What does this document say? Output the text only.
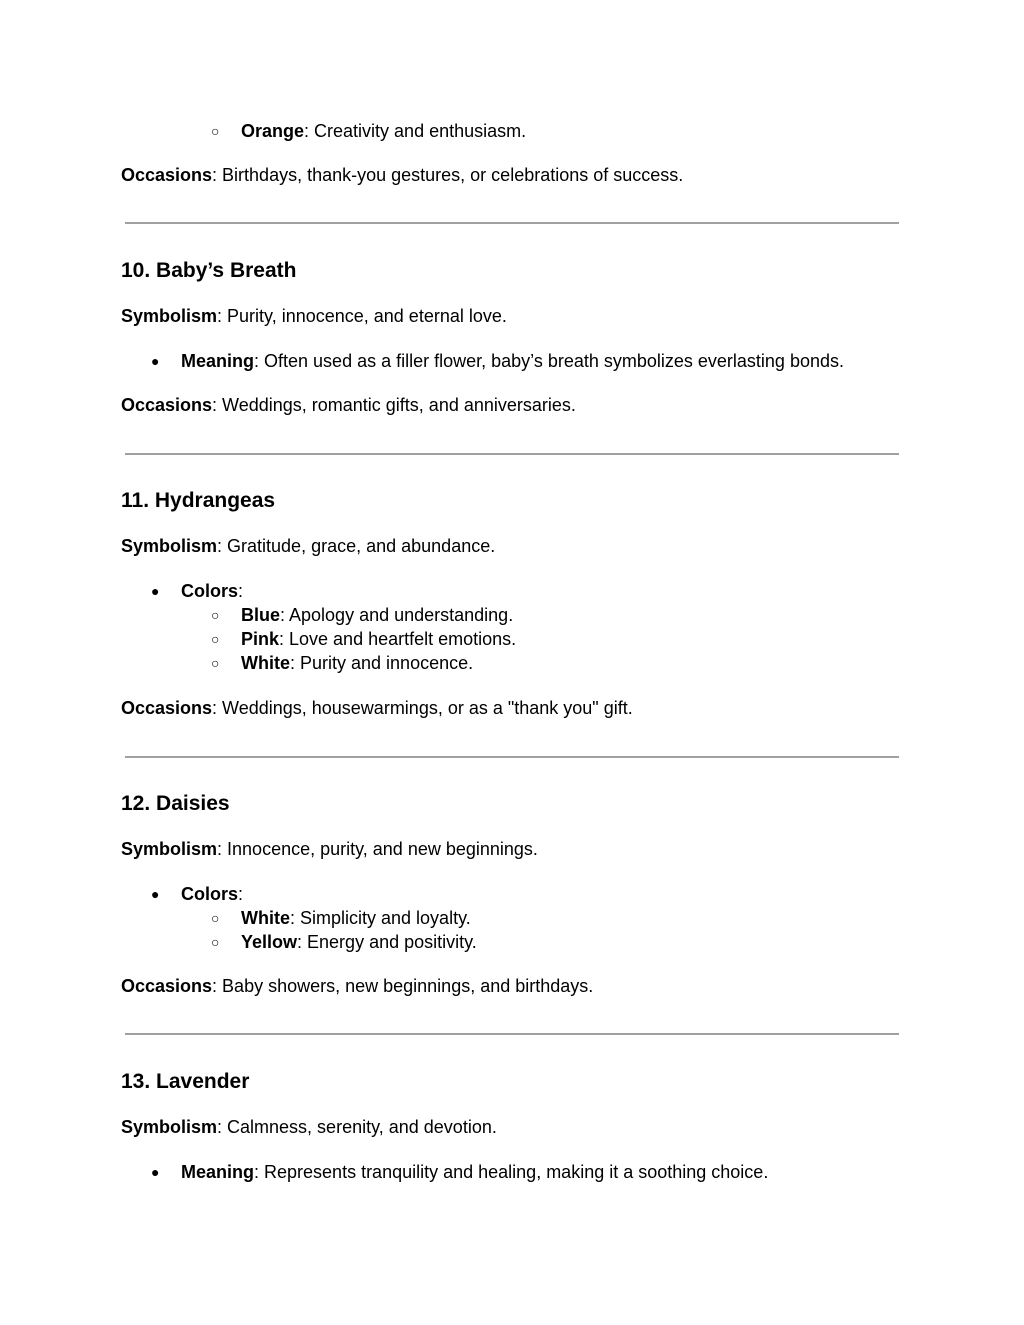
○ Orange: Creativity and enthusiasm.
Occasions: Birthdays, thank-you gestures, or celebrations of success.
10. Baby’s Breath
Symbolism: Purity, innocence, and eternal love.
● Meaning: Often used as a filler flower, baby’s breath symbolizes everlasting bonds.
Occasions: Weddings, romantic gifts, and anniversaries.
11. Hydrangeas
Symbolism: Gratitude, grace, and abundance.
● Colors:
○ Blue: Apology and understanding.
○ Pink: Love and heartfelt emotions.
○ White: Purity and innocence.
Occasions: Weddings, housewarmings, or as a "thank you" gift.
12. Daisies
Symbolism: Innocence, purity, and new beginnings.
● Colors:
○ White: Simplicity and loyalty.
○ Yellow: Energy and positivity.
Occasions: Baby showers, new beginnings, and birthdays.
13. Lavender
Symbolism: Calmness, serenity, and devotion.
● Meaning: Represents tranquility and healing, making it a soothing choice.
